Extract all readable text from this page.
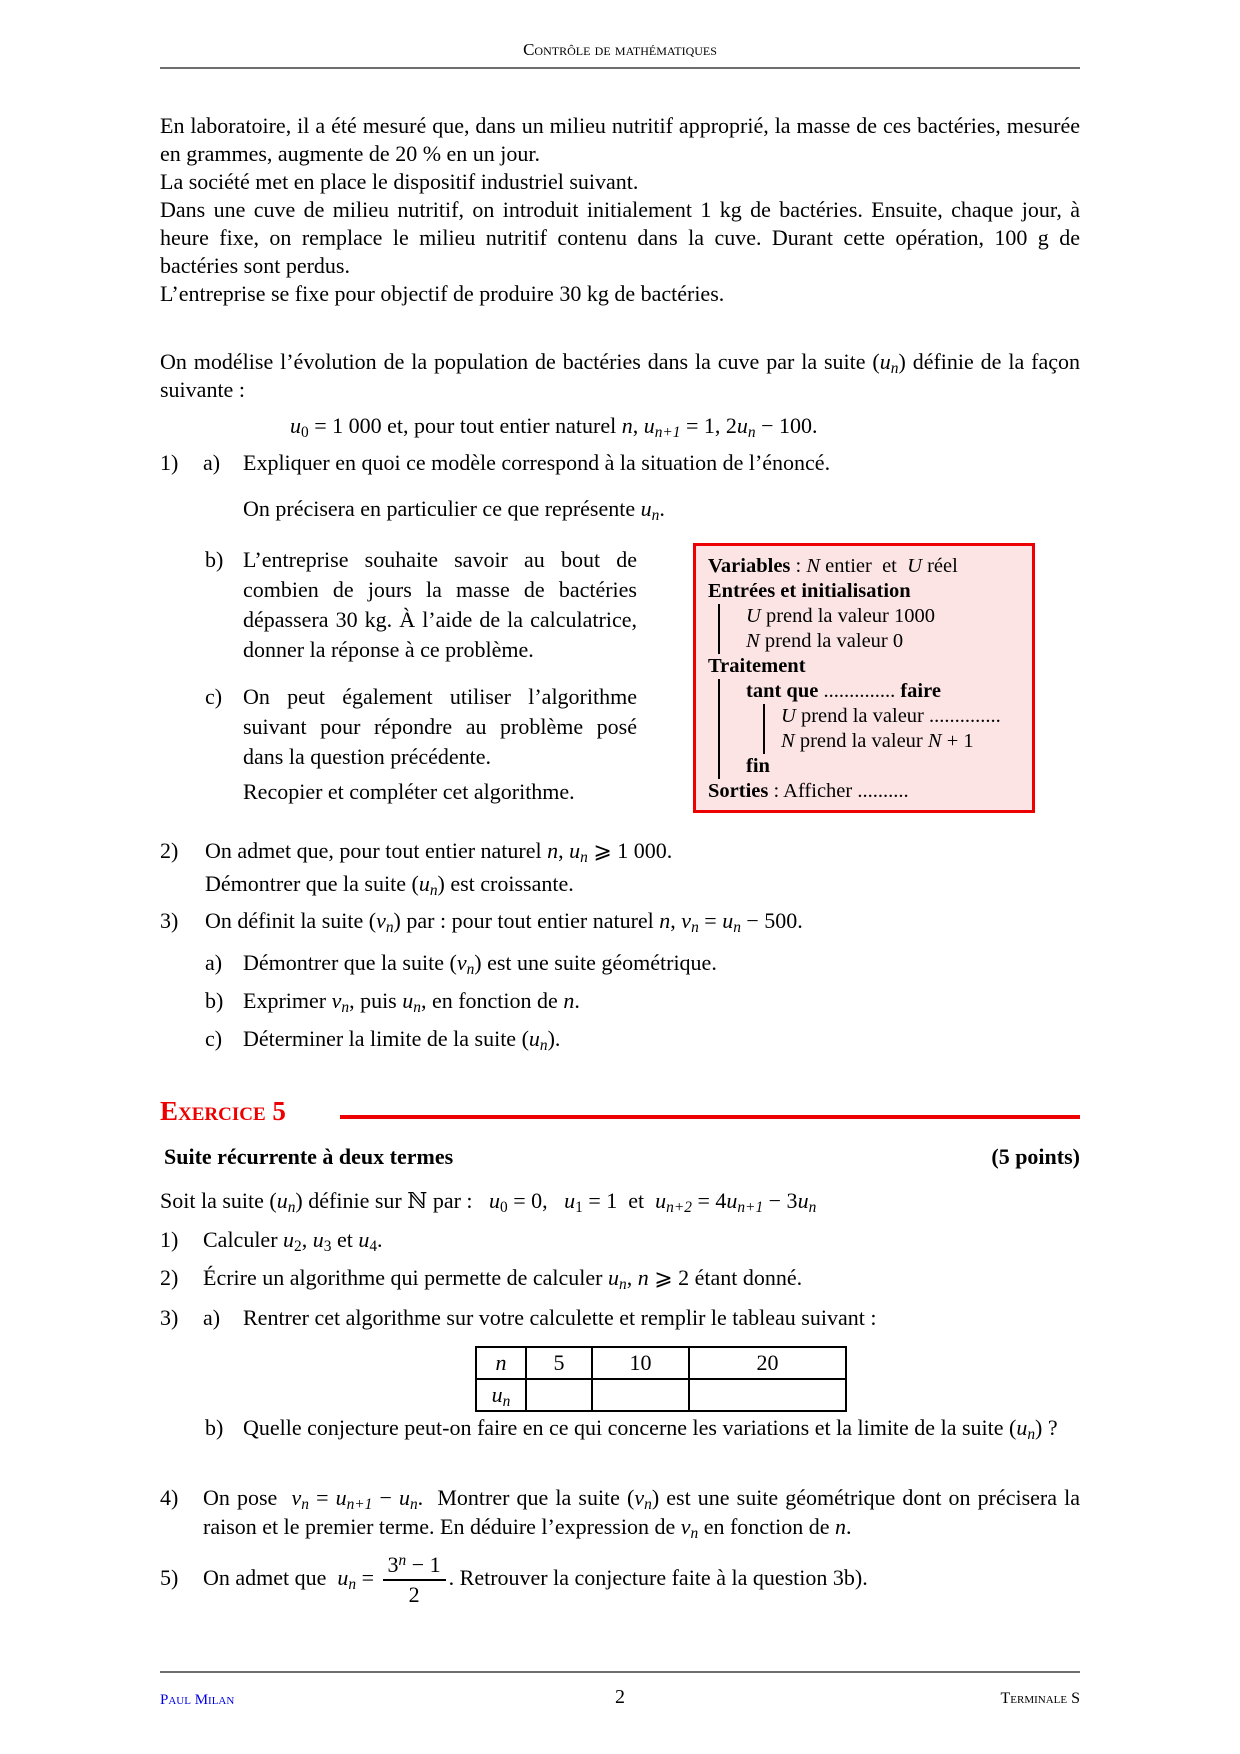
Contrôle de mathématiques
En laboratoire, il a été mesuré que, dans un milieu nutritif approprié, la masse de ces bactéries, mesurée en grammes, augmente de 20 % en un jour.
La société met en place le dispositif industriel suivant.
Dans une cuve de milieu nutritif, on introduit initialement 1 kg de bactéries. Ensuite, chaque jour, à heure fixe, on remplace le milieu nutritif contenu dans la cuve. Durant cette opération, 100 g de bactéries sont perdus.
L’entreprise se fixe pour objectif de produire 30 kg de bactéries.
On modélise l’évolution de la population de bactéries dans la cuve par la suite $(u_n)$ définie de la façon suivante :
$u_0 = 1$ 000 et, pour tout entier naturel n, $u_{n+1} = 1$, $2u_n - 100$.
1) a) Expliquer en quoi ce modèle correspond à la situation de l’énoncé.
On précisera en particulier ce que représente $u_n$.
b) L’entreprise souhaite savoir au bout de combien de jours la masse de bactéries dépassera 30 kg. À l’aide de la calculatrice, donner la réponse à ce problème.
c) On peut également utiliser l’algorithme suivant pour répondre au problème posé dans la question précédente.
Recopier et compléter cet algorithme.
Variables : N entier  et  U réel
Entrées et initialisation
U prend la valeur 1000
N prend la valeur 0
Traitement
tant que .............. faire
U prend la valeur ..............
N prend la valeur N + 1
fin
Sorties : Afficher ..........
2) On admet que, pour tout entier naturel n, $u_n$ ⩾ 1 000.
Démontrer que la suite $(u_n)$ est croissante.
3) On définit la suite $(v_n)$ par : pour tout entier naturel n, $v_n = u_n - 500$.
a) Démontrer que la suite $(v_n)$ est une suite géométrique.
b) Exprimer $v_n$, puis $u_n$, en fonction de n.
c) Déterminer la limite de la suite $(u_n)$.
Exercice 5
Suite récurrente à deux termes	(5 points)
Soit la suite $(u_n)$ définie sur ℕ par :   $u_0 = 0$,   $u_1 = 1$  et  $u_{n+2} = 4u_{n+1} - 3u_n$
1) Calculer $u_2$, $u_3$ et $u_4$.
2) Écrire un algorithme qui permette de calculer $u_n$, n ⩾ 2 étant donné.
3) a) Rentrer cet algorithme sur votre calculette et remplir le tableau suivant :
n	5	10	20
$u_n$			
b) Quelle conjecture peut-on faire en ce qui concerne les variations et la limite de la suite $(u_n)$ ?
4) On pose  $v_n = u_{n+1} - u_n$.  Montrer que la suite $(v_n)$ est une suite géométrique dont on précisera la raison et le premier terme. En déduire l’expression de $v_n$ en fonction de n.
5) On admet que  $u_n = \frac{3^n - 1}{2}$ . Retrouver la conjecture faite à la question 3b).
Paul Milan	2	Terminale S
